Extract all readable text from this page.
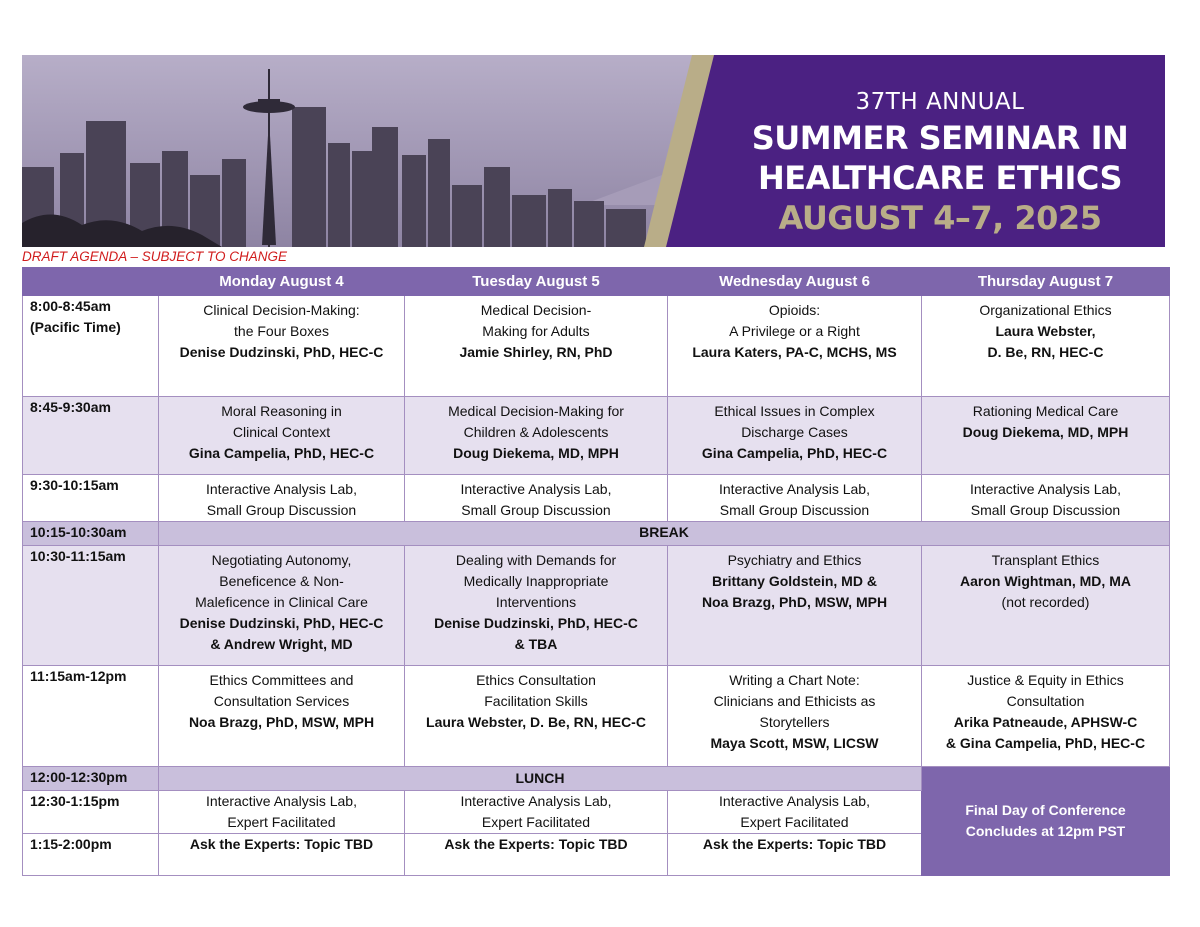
37TH ANNUAL
SUMMER SEMINAR IN
HEALTHCARE ETHICS
AUGUST 4–7, 2025
DRAFT AGENDA – SUBJECT TO CHANGE
	Monday August 4	Tuesday August 5	Wednesday August 6	Thursday August 7

8:00-8:45am
(Pacific Time)	Clinical Decision-Making:
the Four Boxes
Denise Dudzinski, PhD, HEC-C	Medical Decision-
Making for Adults
Jamie Shirley, RN, PhD	Opioids:
A Privilege or a Right
Laura Katers, PA-C, MCHS, MS	Organizational Ethics
Laura Webster,
D. Be, RN, HEC-C

8:45-9:30am	Moral Reasoning in
Clinical Context
Gina Campelia, PhD, HEC-C	Medical Decision-Making for
Children & Adolescents
Doug Diekema, MD, MPH	Ethical Issues in Complex
Discharge Cases
Gina Campelia, PhD, HEC-C	Rationing Medical Care
Doug Diekema, MD, MPH

9:30-10:15am	Interactive Analysis Lab,
Small Group Discussion	Interactive Analysis Lab,
Small Group Discussion	Interactive Analysis Lab,
Small Group Discussion	Interactive Analysis Lab,
Small Group Discussion

10:15-10:30am	BREAK			

10:30-11:15am	Negotiating Autonomy,
Beneficence & Non-
Maleficence in Clinical Care
Denise Dudzinski, PhD, HEC-C
& Andrew Wright, MD	Dealing with Demands for
Medically Inappropriate
Interventions
Denise Dudzinski, PhD, HEC-C
& TBA	Psychiatry and Ethics
Brittany Goldstein, MD &
Noa Brazg, PhD, MSW, MPH	Transplant Ethics
Aaron Wightman, MD, MA
(not recorded)

11:15am-12pm	Ethics Committees and
Consultation Services
Noa Brazg, PhD, MSW, MPH	Ethics Consultation
Facilitation Skills
Laura Webster, D. Be, RN, HEC-C	Writing a Chart Note:
Clinicians and Ethicists as
Storytellers
Maya Scott, MSW, LICSW	Justice & Equity in Ethics
Consultation
Arika Patneaude, APHSW-C
& Gina Campelia, PhD, HEC-C

12:00-12:30pm	LUNCH			Final Day of Conference
Concludes at 12pm PST

12:30-1:15pm	Interactive Analysis Lab,
Expert Facilitated	Interactive Analysis Lab,
Expert Facilitated	Interactive Analysis Lab,
Expert Facilitated	

1:15-2:00pm	Ask the Experts: Topic TBD	Ask the Experts: Topic TBD	Ask the Experts: Topic TBD	
